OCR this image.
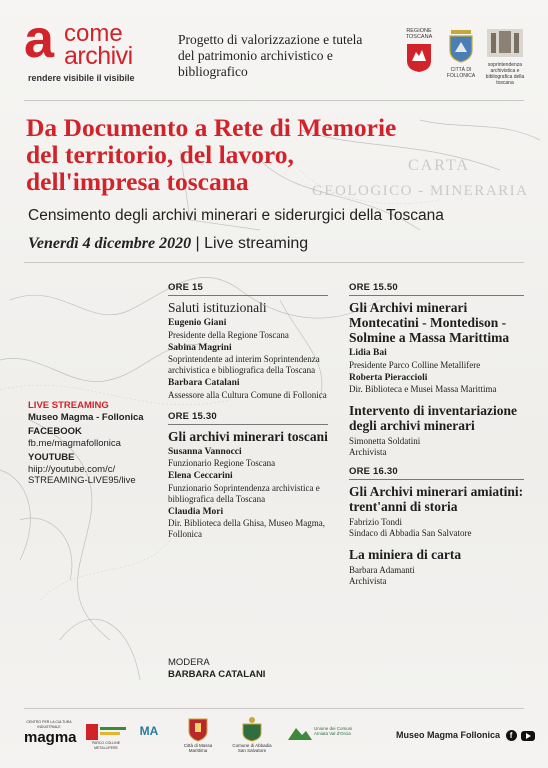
CARTA
GEOLOGICO - MINERARIA
a come
archivi
rendere visibile il visibile
Progetto di valorizzazione e tutela del patrimonio archivistico e bibliografico
REGIONE TOSCANA
CITTÀ DI FOLLONICA
soprintendenza archivistica e bibliografica della toscana
Da Documento a Rete di Memorie
del territorio, del lavoro,
dell'impresa toscana
Censimento degli archivi minerari e siderurgici della Toscana
Venerdì 4 dicembre 2020 | Live streaming
LIVE STREAMING
Museo Magma - Follonica
FACEBOOK
fb.me/magmafollonica
YOUTUBE
hiip://youtube.com/c/
STREAMING-LIVE95/live
ORE 15
Saluti istituzionali
Eugenio Giani
Presidente della Regione Toscana
Sabina Magrini
Soprintendente ad interim Soprintendenza archivistica e bibliografica della Toscana
Barbara Catalani
Assessore alla Cultura Comune di Follonica
ORE 15.30
Gli archivi minerari toscani
Susanna Vannocci
Funzionario Regione Toscana
Elena Ceccarini
Funzionario Soprintendenza archivistica e bibliografica della Toscana
Claudia Mori
Dir. Biblioteca della Ghisa, Museo Magma, Follonica
ORE 15.50
Gli Archivi minerari Montecatini - Montedison - Solmine a Massa Marittima
Lidia Bai
Presidente Parco Colline Metallifere
Roberta Pieraccioli
Dir. Biblioteca e Musei Massa Marittima
Intervento di inventariazione degli archivi minerari
Simonetta Soldatini
Archivista
ORE 16.30
Gli Archivi minerari amiatini: trent'anni di storia
Fabrizio Tondi
Sindaco di Abbadia San Salvatore
La miniera di carta
Barbara Adamanti
Archivista
MODERA
BARBARA CATALANI
CENTRO PER LA CULTURA INDUSTRIALE
magma	PARCO COLLINE METALLIFERE
MA
Città di Massa Marittima
Comune di Abbadia San Salvatore
Unione dei Comuni Amiata Val d'Orcia	Museo Magma Follonica f
